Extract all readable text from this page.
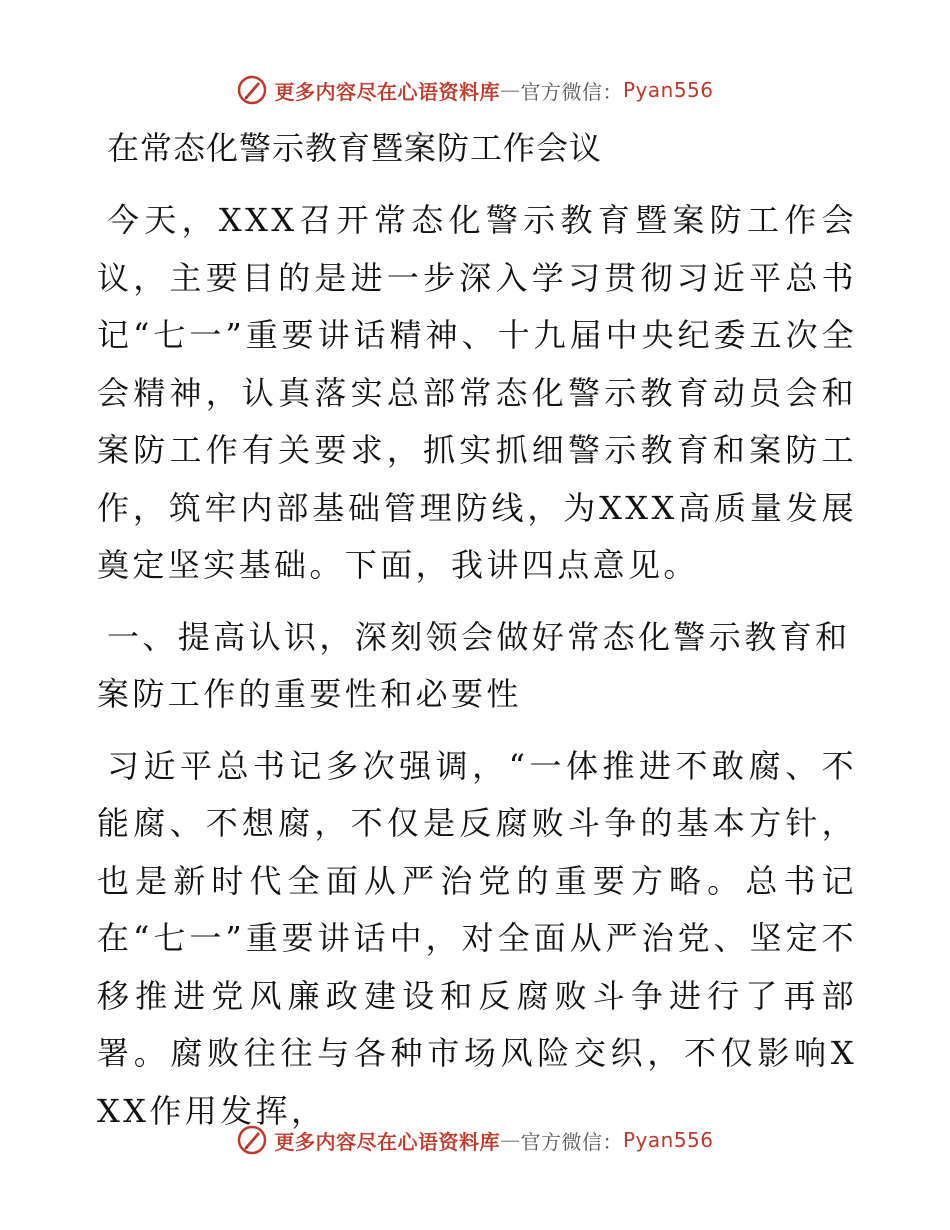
更多内容尽在心语资料库 — 官方微信： Pyan556

在常态化警示教育暨案防工作会议

今天，XXX召开常态化警示教育暨案防工作会议，主要目的是进一步深入学习贯彻习近平总书记“七一”重要讲话精神、十九届中央纪委五次全会精神，认真落实总部常态化警示教育动员会和案防工作有关要求，抓实抓细警示教育和案防工作，筑牢内部基础管理防线，为XXX高质量发展奠定坚实基础。下面，我讲四点意见。

一、提高认识，深刻领会做好常态化警示教育和案防工作的重要性和必要性

习近平总书记多次强调，“一体推进不敢腐、不能腐、不想腐，不仅是反腐败斗争的基本方针，也是新时代全面从严治党的重要方略。总书记在“七一”重要讲话中，对全面从严治党、坚定不移推进党风廉政建设和反腐败斗争进行了再部署。腐败往往与各种市场风险交织，不仅影响XXX作用发挥，

更多内容尽在心语资料库 — 官方微信： Pyan556
